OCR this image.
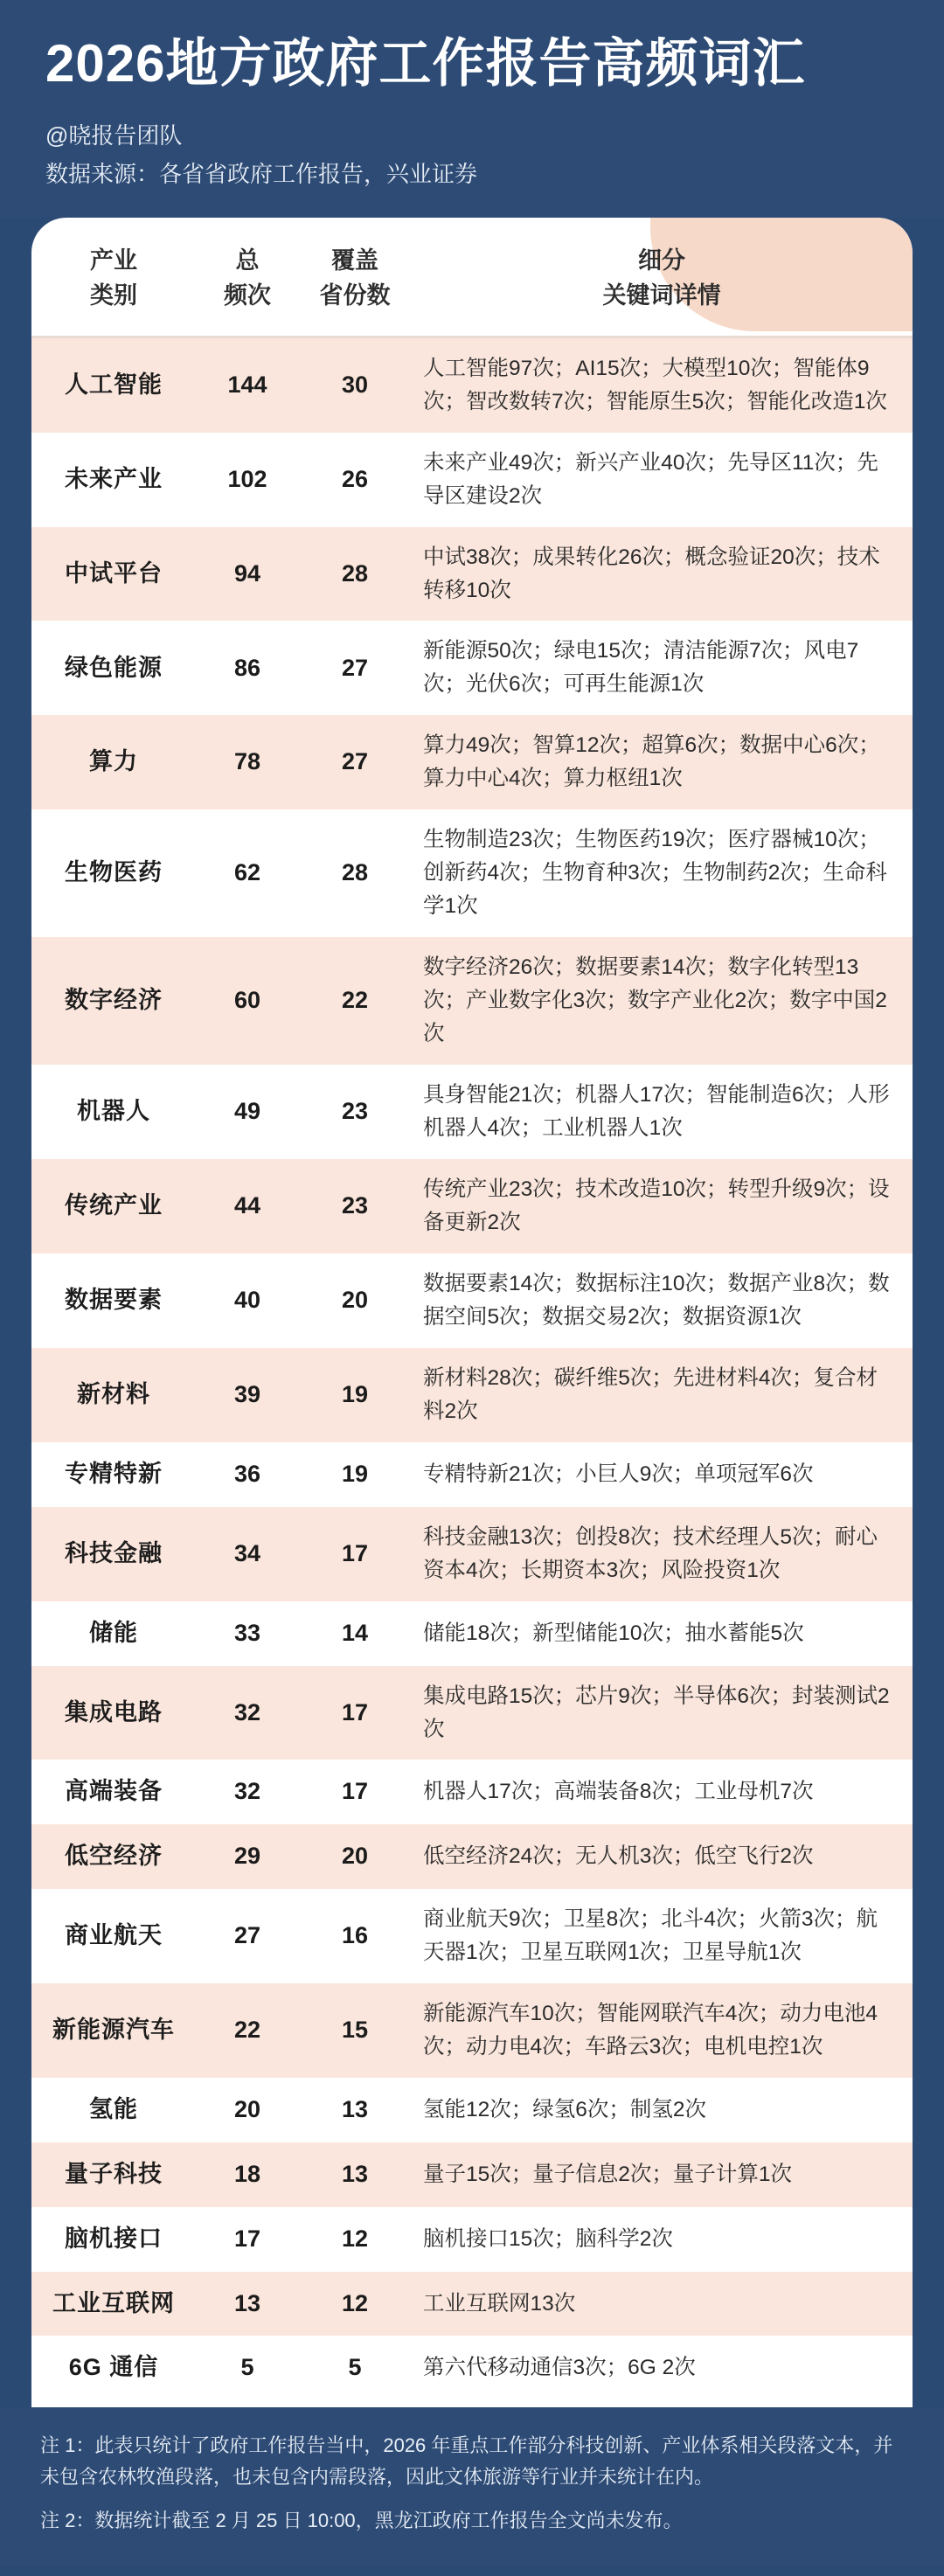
2026地方政府工作报告高频词汇
@晓报告团队
数据来源：各省省政府工作报告，兴业证券
产业
类别

总
频次

覆盖
省份数

细分
关键词详情

人工智能	144	30	人工智能97次；AI15次；大模型10次；智能体9次；智改数转7次；智能原生5次；智能化改造1次
未来产业	102	26	未来产业49次；新兴产业40次；先导区11次；先导区建设2次
中试平台	94	28	中试38次；成果转化26次；概念验证20次；技术转移10次
绿色能源	86	27	新能源50次；绿电15次；清洁能源7次；风电7次；光伏6次；可再生能源1次
算力	78	27	算力49次；智算12次；超算6次；数据中心6次；算力中心4次；算力枢纽1次
生物医药	62	28	生物制造23次；生物医药19次；医疗器械10次；创新药4次；生物育种3次；生物制药2次；生命科学1次
数字经济	60	22	数字经济26次；数据要素14次；数字化转型13次；产业数字化3次；数字产业化2次；数字中国2次
机器人	49	23	具身智能21次；机器人17次；智能制造6次；人形机器人4次；工业机器人1次
传统产业	44	23	传统产业23次；技术改造10次；转型升级9次；设备更新2次
数据要素	40	20	数据要素14次；数据标注10次；数据产业8次；数据空间5次；数据交易2次；数据资源1次
新材料	39	19	新材料28次；碳纤维5次；先进材料4次；复合材料2次
专精特新	36	19	专精特新21次；小巨人9次；单项冠军6次
科技金融	34	17	科技金融13次；创投8次；技术经理人5次；耐心资本4次；长期资本3次；风险投资1次
储能	33	14	储能18次；新型储能10次；抽水蓄能5次
集成电路	32	17	集成电路15次；芯片9次；半导体6次；封装测试2次
高端装备	32	17	机器人17次；高端装备8次；工业母机7次
低空经济	29	20	低空经济24次；无人机3次；低空飞行2次
商业航天	27	16	商业航天9次；卫星8次；北斗4次；火箭3次；航天器1次；卫星互联网1次；卫星导航1次
新能源汽车	22	15	新能源汽车10次；智能网联汽车4次；动力电池4次；动力电4次；车路云3次；电机电控1次
氢能	20	13	氢能12次；绿氢6次；制氢2次
量子科技	18	13	量子15次；量子信息2次；量子计算1次
脑机接口	17	12	脑机接口15次；脑科学2次
工业互联网	13	12	工业互联网13次
6G 通信	5	5	第六代移动通信3次；6G 2次
注 1：此表只统计了政府工作报告当中，2026 年重点工作部分科技创新、产业体系相关段落文本，并未包含农林牧渔段落，也未包含内需段落，因此文体旅游等行业并未统计在内。
注 2：数据统计截至 2 月 25 日 10:00，黑龙江政府工作报告全文尚未发布。
